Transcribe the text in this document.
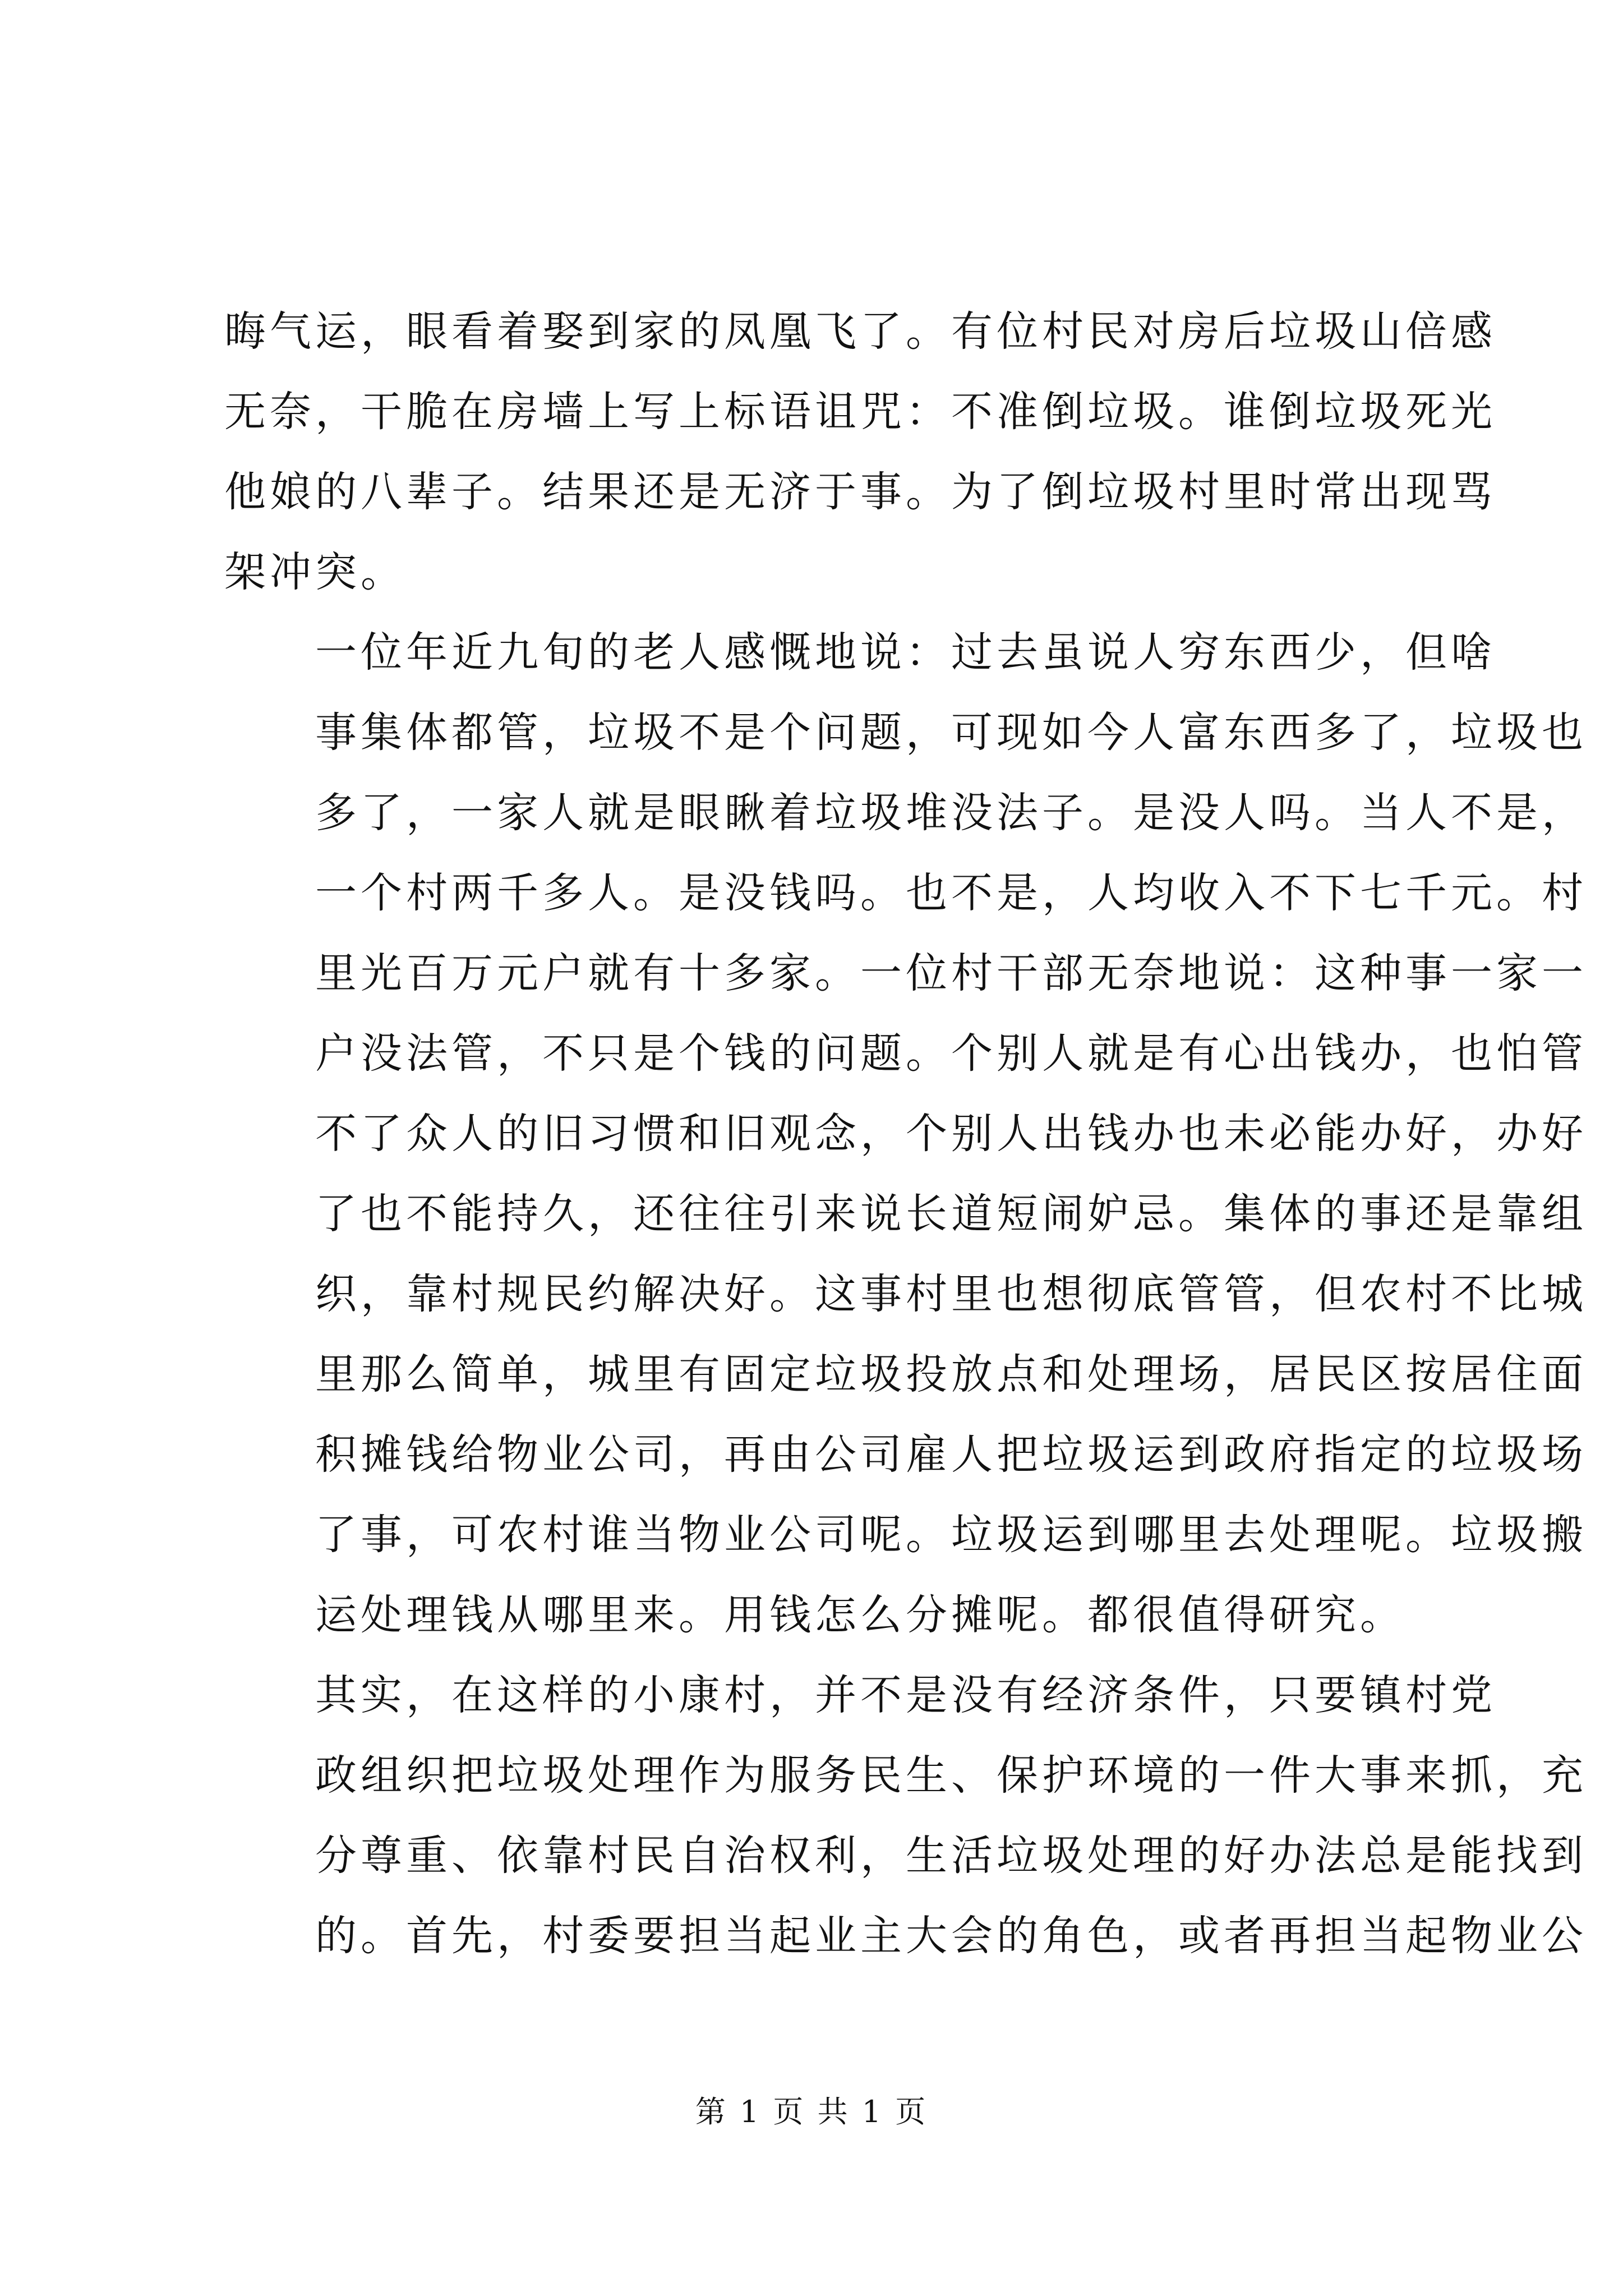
晦气运，眼看着娶到家的凤凰飞了。有位村民对房后垃圾山倍感
无奈，干脆在房墙上写上标语诅咒：不准倒垃圾。谁倒垃圾死光
他娘的八辈子。结果还是无济于事。为了倒垃圾村里时常出现骂
架冲突。

一位年近九旬的老人感慨地说：过去虽说人穷东西少，但啥
事集体都管，垃圾不是个问题，可现如今人富东西多了，垃圾也
多了，一家人就是眼瞅着垃圾堆没法子。是没人吗。当人不是，
一个村两千多人。是没钱吗。也不是，人均收入不下七千元。村
里光百万元户就有十多家。一位村干部无奈地说：这种事一家一
户没法管，不只是个钱的问题。个别人就是有心出钱办，也怕管
不了众人的旧习惯和旧观念，个别人出钱办也未必能办好，办好
了也不能持久，还往往引来说长道短闹妒忌。集体的事还是靠组
织，靠村规民约解决好。这事村里也想彻底管管，但农村不比城
里那么简单，城里有固定垃圾投放点和处理场，居民区按居住面
积摊钱给物业公司，再由公司雇人把垃圾运到政府指定的垃圾场
了事，可农村谁当物业公司呢。垃圾运到哪里去处理呢。垃圾搬
运处理钱从哪里来。用钱怎么分摊呢。都很值得研究。

其实，在这样的小康村，并不是没有经济条件，只要镇村党
政组织把垃圾处理作为服务民生、保护环境的一件大事来抓，充
分尊重、依靠村民自治权利，生活垃圾处理的好办法总是能找到
的。首先，村委要担当起业主大会的角色，或者再担当起物业公

第 1 页 共 1 页
